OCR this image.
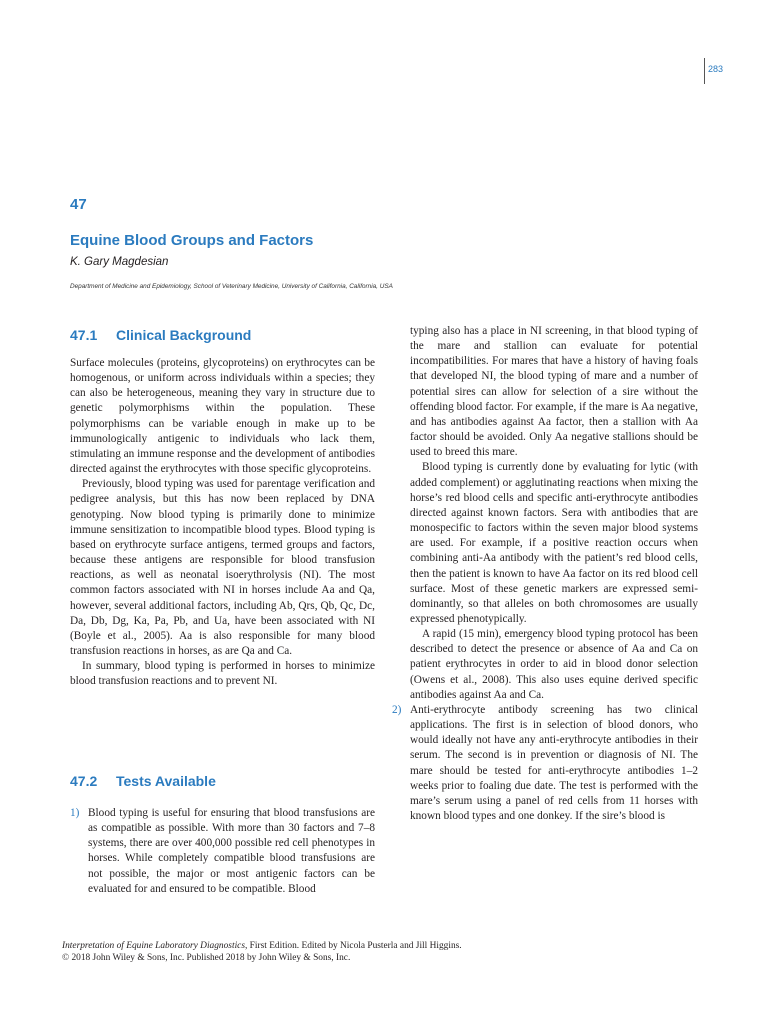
283
47
Equine Blood Groups and Factors
K. Gary Magdesian
Department of Medicine and Epidemiology, School of Veterinary Medicine, University of California, California, USA
47.1 Clinical Background

Surface molecules (proteins, glycoproteins) on erythrocytes can be homogenous, or uniform across individuals within a species; they can also be heterogeneous, meaning they vary in structure due to genetic polymorphisms within the population. These polymorphisms can be variable enough in make up to be immunologically antigenic to individuals who lack them, stimulating an immune response and the development of antibodies directed against the erythrocytes with those specific glycoproteins.

Previously, blood typing was used for parentage verification and pedigree analysis, but this has now been replaced by DNA genotyping. Now blood typing is primarily done to minimize immune sensitization to incompatible blood types. Blood typing is based on erythrocyte surface antigens, termed groups and factors, because these antigens are responsible for blood transfusion reactions, as well as neonatal isoerythrolysis (NI). The most common factors associated with NI in horses include Aa and Qa, however, several additional factors, including Ab, Qrs, Qb, Qc, Dc, Da, Db, Dg, Ka, Pa, Pb, and Ua, have been associated with NI (Boyle et al., 2005). Aa is also responsible for many blood transfusion reactions in horses, as are Qa and Ca.

In summary, blood typing is performed in horses to minimize blood transfusion reactions and to prevent NI.

47.2 Tests Available

1) Blood typing is useful for ensuring that blood transfusions are as compatible as possible. With more than 30 factors and 7–8 systems, there are over 400,000 possible red cell phenotypes in horses. While completely compatible blood transfusions are not possible, the major or most antigenic factors can be evaluated for and ensured to be compatible. Blood

typing also has a place in NI screening, in that blood typing of the mare and stallion can evaluate for potential incompatibilities. For mares that have a history of having foals that developed NI, the blood typing of mare and a number of potential sires can allow for selection of a sire without the offending blood factor. For example, if the mare is Aa negative, and has antibodies against Aa factor, then a stallion with Aa factor should be avoided. Only Aa negative stallions should be used to breed this mare.

Blood typing is currently done by evaluating for lytic (with added complement) or agglutinating reactions when mixing the horse’s red blood cells and specific anti-erythrocyte antibodies directed against known factors. Sera with antibodies that are monospecific to factors within the seven major blood systems are used. For example, if a positive reaction occurs when combining anti-Aa antibody with the patient’s red blood cells, then the patient is known to have Aa factor on its red blood cell surface. Most of these genetic markers are expressed semi-dominantly, so that alleles on both chromosomes are usually expressed phenotypically.

A rapid (15 min), emergency blood typing protocol has been described to detect the presence or absence of Aa and Ca on patient erythrocytes in order to aid in blood donor selection (Owens et al., 2008). This also uses equine derived specific antibodies against Aa and Ca.

2) Anti-erythrocyte antibody screening has two clinical applications. The first is in selection of blood donors, who would ideally not have any anti-erythrocyte antibodies in their serum. The second is in prevention or diagnosis of NI. The mare should be tested for anti-erythrocyte antibodies 1–2 weeks prior to foaling due date. The test is performed with the mare’s serum using a panel of red cells from 11 horses with known blood types and one donkey. If the sire’s blood is

Interpretation of Equine Laboratory Diagnostics, First Edition. Edited by Nicola Pusterla and Jill Higgins.
© 2018 John Wiley & Sons, Inc. Published 2018 by John Wiley & Sons, Inc.
